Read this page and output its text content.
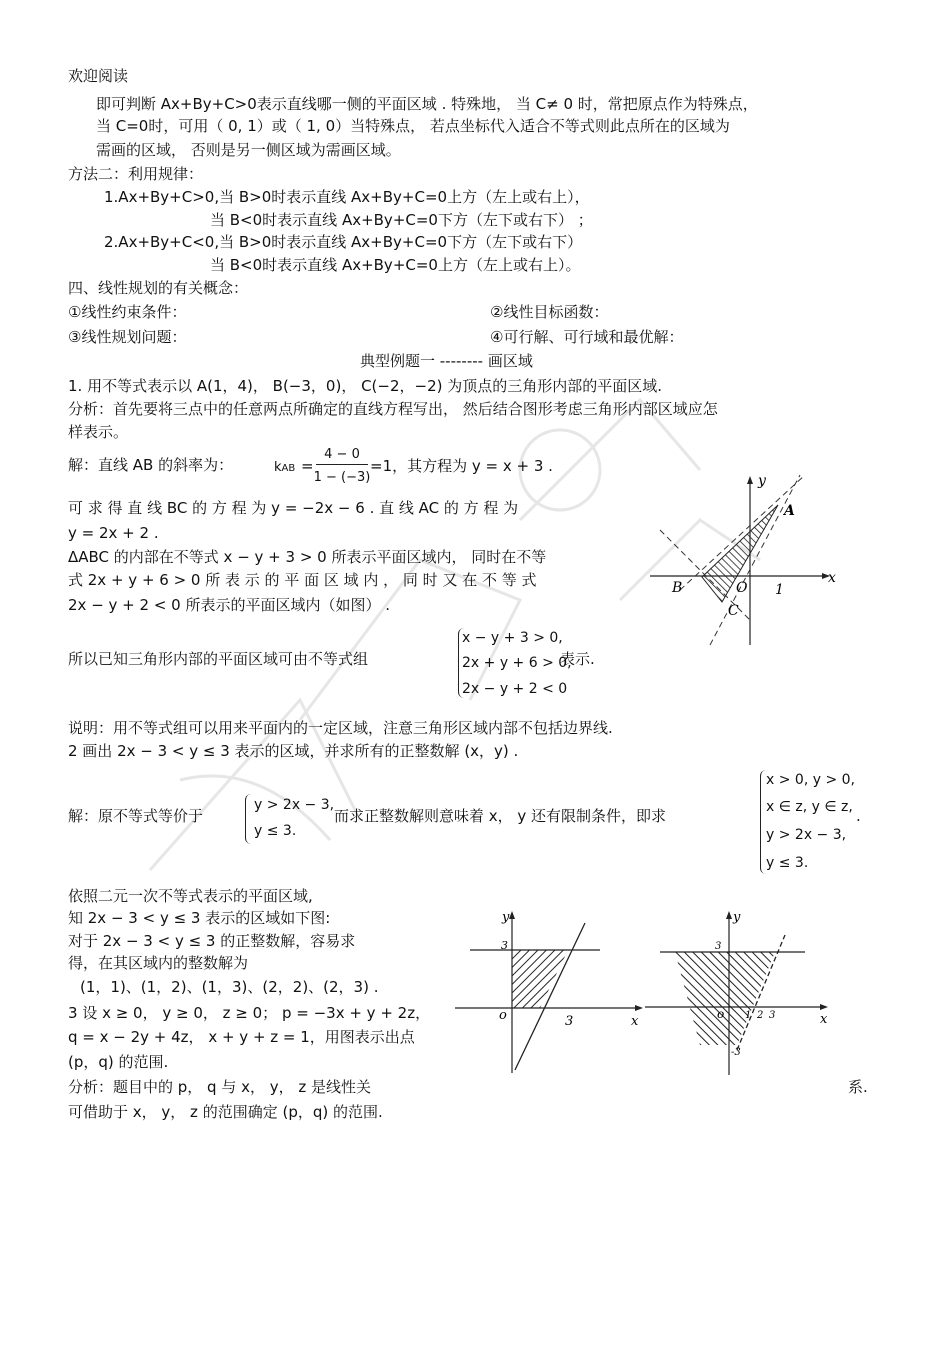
欢迎阅读
即可判断 Ax+By+C>0表示直线哪一侧的平面区域 . 特殊地， 当 C≠ 0 时，常把原点作为特殊点，
当 C=0时，可用（ 0, 1）或（ 1, 0）当特殊点， 若点坐标代入适合不等式则此点所在的区域为
需画的区域， 否则是另一侧区域为需画区域。
方法二：利用规律：
1.Ax+By+C>0,当 B>0时表示直线 Ax+By+C=0上方（左上或右上），
当 B<0时表示直线 Ax+By+C=0下方（左下或右下） ；
2.Ax+By+C<0,当 B>0时表示直线 Ax+By+C=0下方（左下或右下）
当 B<0时表示直线 Ax+By+C=0上方（左上或右上）。
四、线性规划的有关概念：
①线性约束条件：	②线性目标函数：
③线性规划问题：	④可行解、可行域和最优解：
典型例题一 -------- 画区域
1. 用不等式表示以 A(1，4)， B(−3，0)， C(−2，−2) 为顶点的三角形内部的平面区域.
分析：首先要将三点中的任意两点所确定的直线方程写出， 然后结合图形考虑三角形内部区域应怎
样表示。
解：直线 AB 的斜率为：	kAB =
4 − 0
1 − (−3)
=1，其方程为 y = x + 3 .
可 求 得 直 线 BC 的 方 程 为 y = −2x − 6 . 直 线 AC 的 方 程 为
y = 2x + 2 .
ΔABC 的内部在不等式 x − y + 3 > 0 所表示平面区域内， 同时在不等
式 2x + y + 6 > 0 所 表 示 的 平 面 区 域 内 ， 同 时 又 在 不 等 式
2x − y + 2 < 0 所表示的平面区域内（如图） .
y
x
A
B
C
O 1
所以已知三角形内部的平面区域可由不等式组
x − y + 3 > 0,
2x + y + 6 > 0,
2x − y + 2 < 0
表示.
说明：用不等式组可以用来平面内的一定区域，注意三角形区域内部不包括边界线.
2 画出 2x − 3 < y ≤ 3 表示的区域，并求所有的正整数解 (x，y) .
解：原不等式等价于
y > 2x − 3,
y ≤ 3.
而求正整数解则意味着 x， y 还有限制条件，即求
x > 0, y > 0,
x ∈ z, y ∈ z,
y > 2x − 3,
y ≤ 3.
.
依照二元一次不等式表示的平面区域,
知 2x − 3 < y ≤ 3 表示的区域如下图:
对于 2x − 3 < y ≤ 3 的正整数解，容易求
得，在其区域内的整数解为
(1，1)、(1，2)、(1，3)、(2，2)、(2，3) .
3 设 x ≥ 0， y ≥ 0， z ≥ 0； p = −3x + y + 2z，
q = x − 2y + 4z， x + y + z = 1，用图表示出点
(p，q) 的范围.
分析：题目中的 p， q 与 x， y， z 是线性关	系.
可借助于 x， y， z 的范围确定 (p，q) 的范围.
y
x
o
3
3
y
x
o
3
-3
1 2 3
